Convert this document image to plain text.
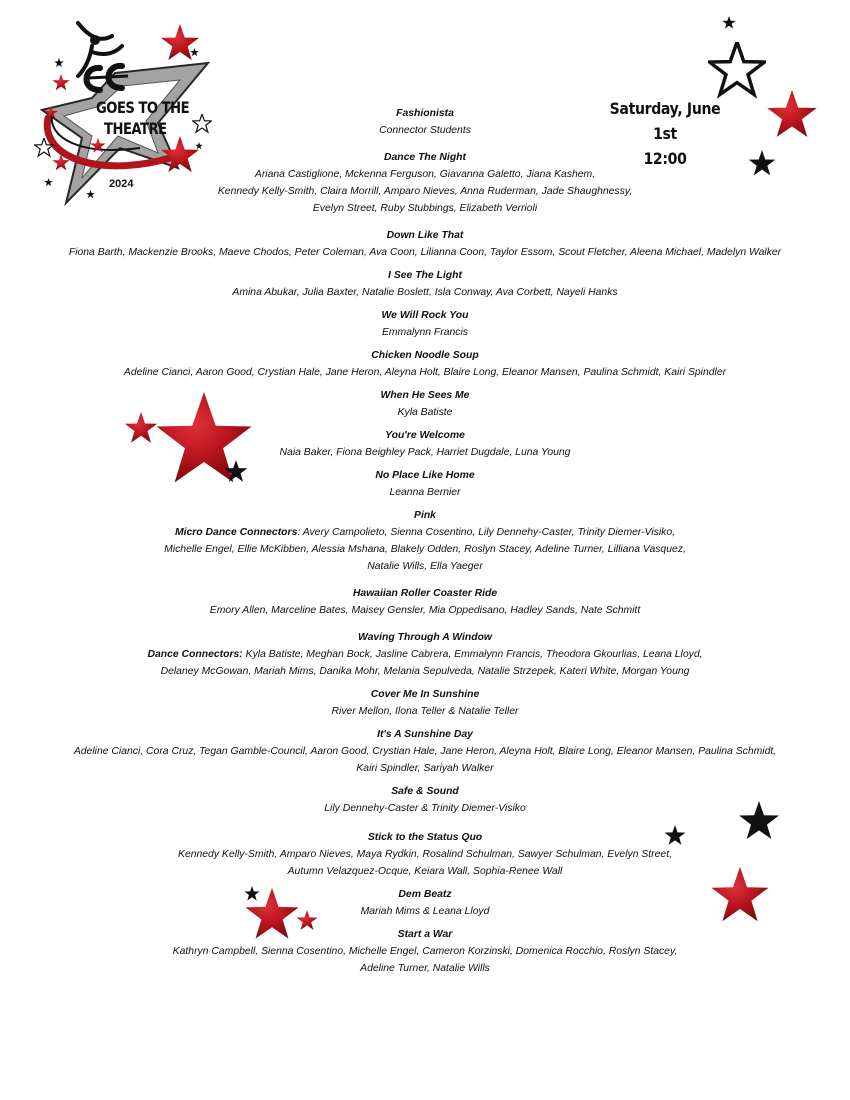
GOES TO THE
THEATRE
2024
Saturday, June 1st
12:00
Fashionista
Connector Students
Dance The Night
Ariana Castiglione, Mckenna Ferguson, Giavanna Galetto, Jiana Kashem,
Kennedy Kelly-Smith, Claira Morrill, Amparo Nieves, Anna Ruderman, Jade Shaughnessy,
Evelyn Street, Ruby Stubbings, Elizabeth Verrioli
Down Like That
Fiona Barth, Mackenzie Brooks, Maeve Chodos, Peter Coleman, Ava Coon, Lilianna Coon, Taylor Essom, Scout Fletcher, Aleena Michael, Madelyn Walker
I See The Light
Amina Abukar, Julia Baxter, Natalie Boslett, Isla Conway, Ava Corbett, Nayeli Hanks
We Will Rock You
Emmalynn Francis
Chicken Noodle Soup
Adeline Cianci, Aaron Good, Crystian Hale, Jane Heron, Aleyna Holt, Blaire Long, Eleanor Mansen, Paulina Schmidt, Kairi Spindler
When He Sees Me
Kyla Batiste
You're Welcome
Naia Baker, Fiona Beighley Pack, Harriet Dugdale, Luna Young
No Place Like Home
Leanna Bernier
Pink
Micro Dance Connectors: Avery Campolieto, Sienna Cosentino, Lily Dennehy-Caster, Trinity Diemer-Visiko,
Michelle Engel, Ellie McKibben, Alessia Mshana, Blakely Odden, Roslyn Stacey, Adeline Turner, Lilliana Vasquez,
Natalie Wills, Ella Yaeger
Hawaiian Roller Coaster Ride
Emory Allen, Marceline Bates, Maisey Gensler, Mia Oppedisano, Hadley Sands, Nate Schmitt
Waving Through A Window
Dance Connectors: Kyla Batiste, Meghan Bock, Jasline Cabrera, Emmalynn Francis, Theodora Gkourlias, Leana Lloyd,
Delaney McGowan, Mariah Mims, Danika Mohr, Melania Sepulveda, Natalie Strzepek, Kateri White, Morgan Young
Cover Me In Sunshine
River Mellon, Ilona Teller & Natalie Teller
It's A Sunshine Day
Adeline Cianci, Cora Cruz, Tegan Gamble-Council, Aaron Good, Crystian Hale, Jane Heron, Aleyna Holt, Blaire Long, Eleanor Mansen, Paulina Schmidt,
Kairi Spindler, Sariyah Walker
Safe & Sound
Lily Dennehy-Caster & Trinity Diemer-Visiko
Stick to the Status Quo
Kennedy Kelly-Smith, Amparo Nieves, Maya Rydkin, Rosalind Schulman, Sawyer Schulman, Evelyn Street,
Autumn Velazquez-Ocque, Keiara Wall, Sophia-Renee Wall
Dem Beatz
Mariah Mims & Leana Lloyd
Start a War
Kathryn Campbell, Sienna Cosentino, Michelle Engel, Cameron Korzinski, Domenica Rocchio, Roslyn Stacey,
Adeline Turner, Natalie Wills
